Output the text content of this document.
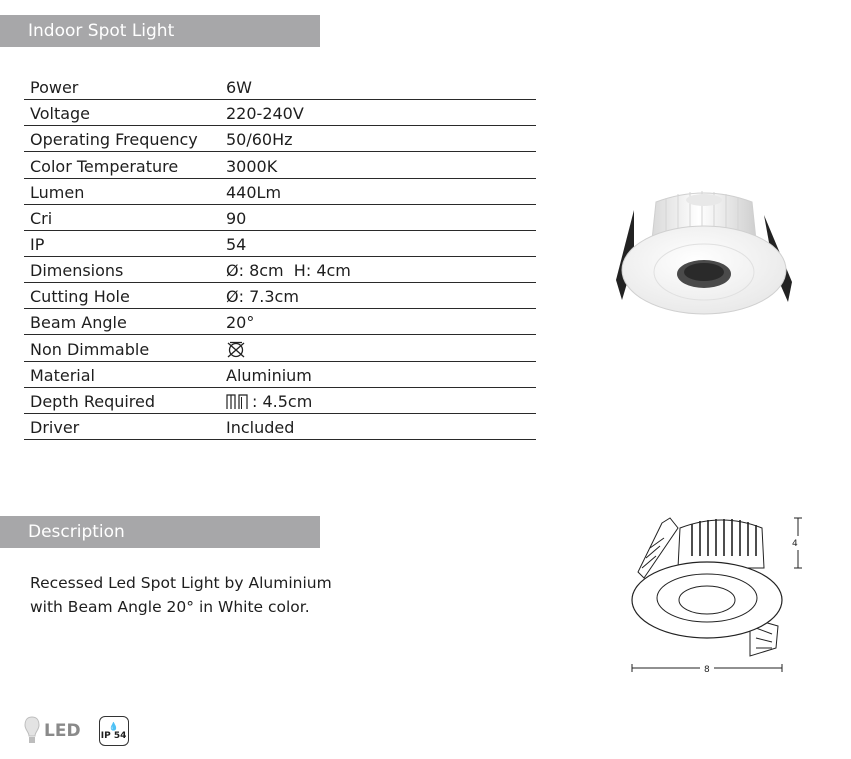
Indoor Spot Light
Power	6W
Voltage	220-240V
Operating Frequency	50/60Hz
Color Temperature	3000K
Lumen	440Lm
Cri	90
IP	54
Dimensions	Ø: 8cm  H: 4cm
Cutting Hole	Ø: 7.3cm
Beam Angle	20°
Non Dimmable
Material	Aluminium
Depth Required	: 4.5cm
Driver	Included
Description
Recessed Led Spot Light by Aluminium
with Beam Angle 20° in White color.
4
8
LED	💧
IP 54
